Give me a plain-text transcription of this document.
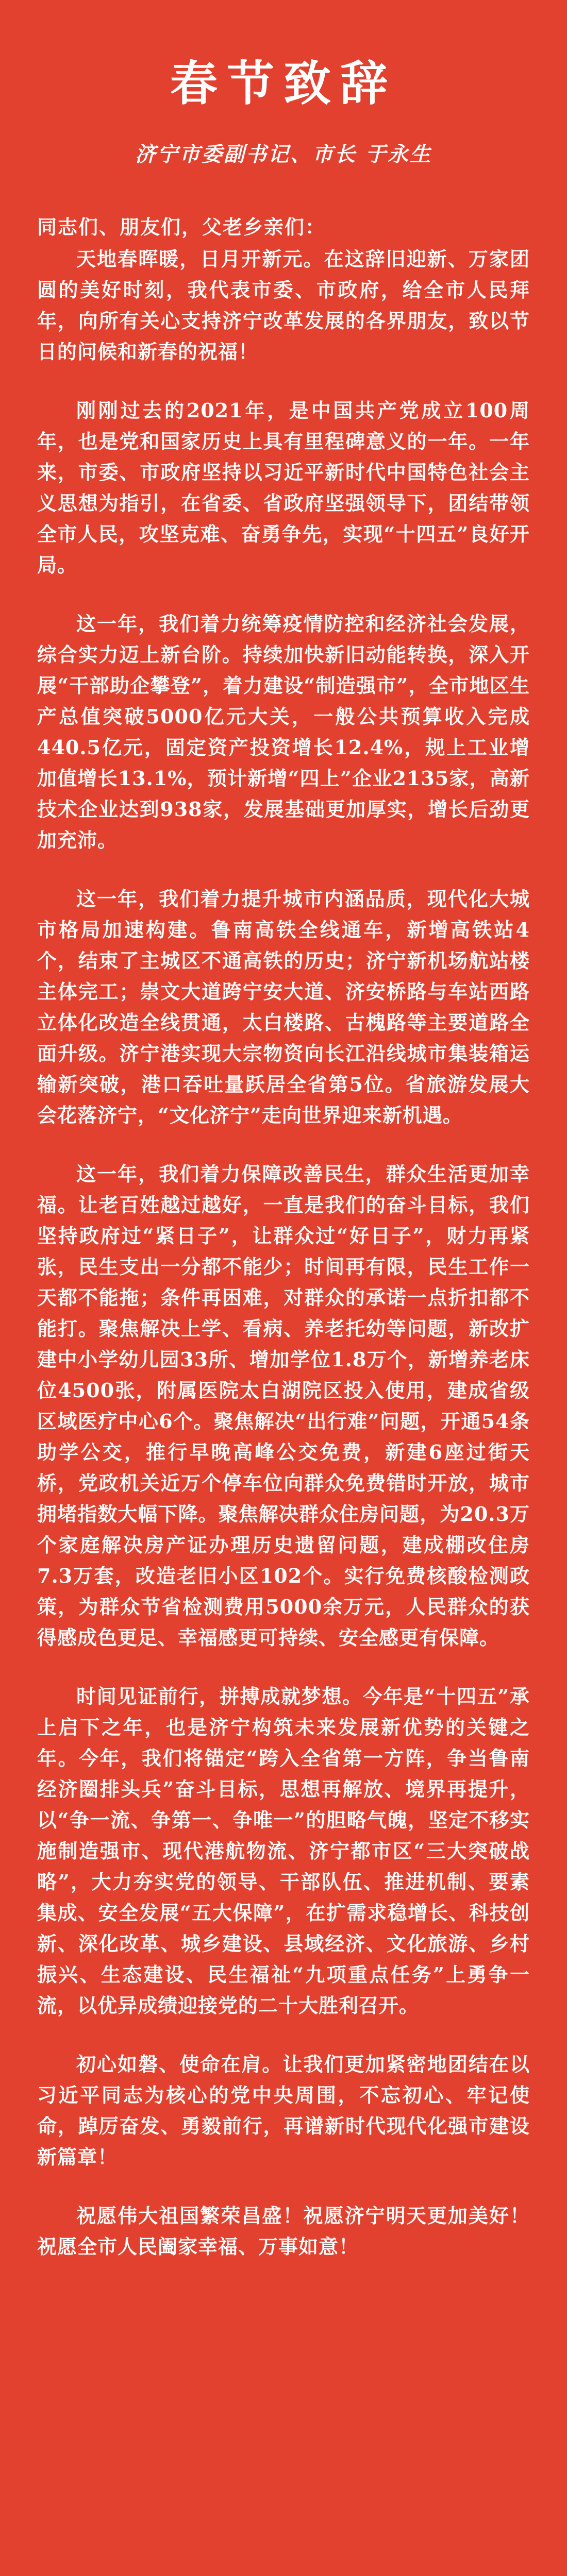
春节致辞
济宁市委副书记、市长 于永生
同志们、朋友们，父老乡亲们：

天地春晖暖，日月开新元。在这辞旧迎新、万家团圆的美好时刻，我代表市委、市政府，给全市人民拜年，向所有关心支持济宁改革发展的各界朋友，致以节日的问候和新春的祝福！

刚刚过去的2021年，是中国共产党成立100周年，也是党和国家历史上具有里程碑意义的一年。一年来，市委、市政府坚持以习近平新时代中国特色社会主义思想为指引，在省委、省政府坚强领导下，团结带领全市人民，攻坚克难、奋勇争先，实现“十四五”良好开局。

这一年，我们着力统筹疫情防控和经济社会发展，综合实力迈上新台阶。持续加快新旧动能转换，深入开展“干部助企攀登”，着力建设“制造强市”，全市地区生产总值突破5000亿元大关，一般公共预算收入完成440.5亿元，固定资产投资增长12.4%，规上工业增加值增长13.1%，预计新增“四上”企业2135家，高新技术企业达到938家，发展基础更加厚实，增长后劲更加充沛。

这一年，我们着力提升城市内涵品质，现代化大城市格局加速构建。鲁南高铁全线通车，新增高铁站4个，结束了主城区不通高铁的历史；济宁新机场航站楼主体完工；崇文大道跨宁安大道、济安桥路与车站西路立体化改造全线贯通，太白楼路、古槐路等主要道路全面升级。济宁港实现大宗物资向长江沿线城市集装箱运输新突破，港口吞吐量跃居全省第5位。省旅游发展大会花落济宁，“文化济宁”走向世界迎来新机遇。

这一年，我们着力保障改善民生，群众生活更加幸福。让老百姓越过越好，一直是我们的奋斗目标，我们坚持政府过“紧日子”，让群众过“好日子”，财力再紧张，民生支出一分都不能少；时间再有限，民生工作一天都不能拖；条件再困难，对群众的承诺一点折扣都不能打。聚焦解决上学、看病、养老托幼等问题，新改扩建中小学幼儿园33所、增加学位1.8万个，新增养老床位4500张，附属医院太白湖院区投入使用，建成省级区域医疗中心6个。聚焦解决“出行难”问题，开通54条助学公交，推行早晚高峰公交免费，新建6座过街天桥，党政机关近万个停车位向群众免费错时开放，城市拥堵指数大幅下降。聚焦解决群众住房问题，为20.3万个家庭解决房产证办理历史遗留问题，建成棚改住房7.3万套，改造老旧小区102个。实行免费核酸检测政策，为群众节省检测费用5000余万元，人民群众的获得感成色更足、幸福感更可持续、安全感更有保障。

时间见证前行，拼搏成就梦想。今年是“十四五”承上启下之年，也是济宁构筑未来发展新优势的关键之年。今年，我们将锚定“跨入全省第一方阵，争当鲁南经济圈排头兵”奋斗目标，思想再解放、境界再提升，以“争一流、争第一、争唯一”的胆略气魄，坚定不移实施制造强市、现代港航物流、济宁都市区“三大突破战略”，大力夯实党的领导、干部队伍、推进机制、要素集成、安全发展“五大保障”，在扩需求稳增长、科技创新、深化改革、城乡建设、县域经济、文化旅游、乡村振兴、生态建设、民生福祉“九项重点任务”上勇争一流，以优异成绩迎接党的二十大胜利召开。

初心如磐、使命在肩。让我们更加紧密地团结在以习近平同志为核心的党中央周围，不忘初心、牢记使命，踔厉奋发、勇毅前行，再谱新时代现代化强市建设新篇章！

祝愿伟大祖国繁荣昌盛！祝愿济宁明天更加美好！祝愿全市人民阖家幸福、万事如意！
